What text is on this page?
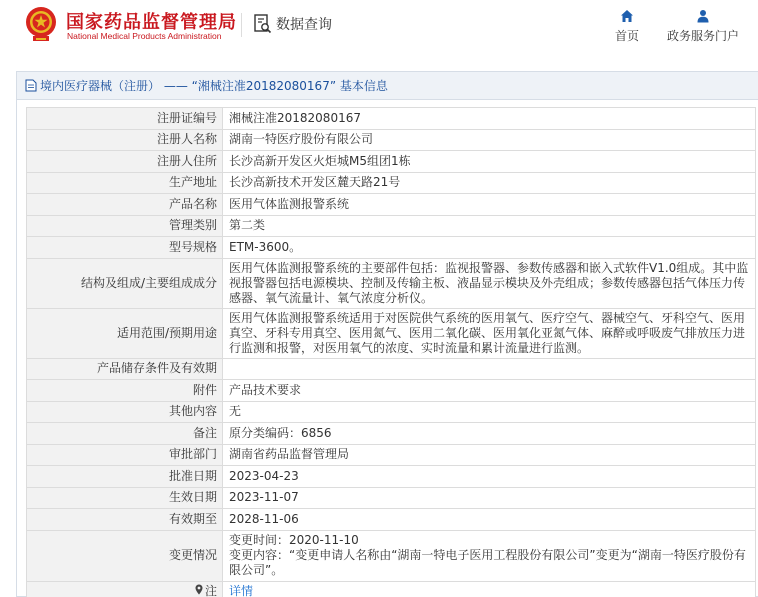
国家药品监督管理局
National Medical Products Administration
数据查询
首页 政务服务门户
境内医疗器械（注册） —— “湘械注准20182080167” 基本信息
注册证编号	湘械注准20182080167
注册人名称	湖南一特医疗股份有限公司
注册人住所	长沙高新开发区火炬城M5组团1栋
生产地址	长沙高新技术开发区麓天路21号
产品名称	医用气体监测报警系统
管理类别	第二类
型号规格	ETM-3600。
结构及组成/主要组成成分	医用气体监测报警系统的主要部件包括：监视报警器、参数传感器和嵌入式软件V1.0组成。其中监视报警器包括电源模块、控制及传输主板、液晶显示模块及外壳组成；参数传感器包括气体压力传感器、氧气流量计、氧气浓度分析仪。
适用范围/预期用途	医用气体监测报警系统适用于对医院供气系统的医用氧气、医疗空气、器械空气、牙科空气、医用真空、牙科专用真空、医用氮气、医用二氧化碳、医用氧化亚氮气体、麻醉或呼吸废气排放压力进行监测和报警，对医用氧气的浓度、实时流量和累计流量进行监测。
产品储存条件及有效期	
附件	产品技术要求
其他内容	无
备注	原分类编码：6856
审批部门	湖南省药品监督管理局
批准日期	2023-04-23
生效日期	2023-11-07
有效期至	2028-11-06
变更情况	变更时间：2020-11-10
变更内容：“变更申请人名称由“湖南一特电子医用工程股份有限公司”变更为“湖南一特医疗股份有限公司”。

注	详情
